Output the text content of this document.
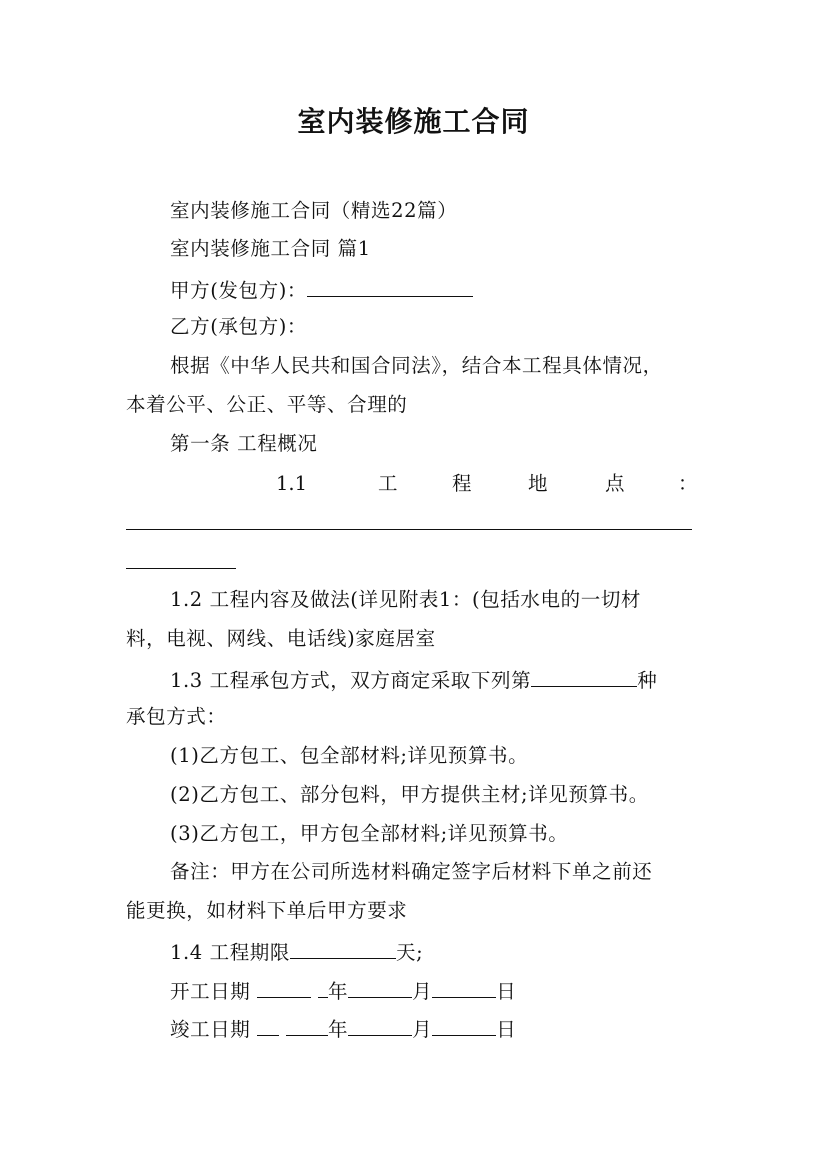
室内装修施工合同

室内装修施工合同（精选22篇）

室内装修施工合同 篇1

甲方(发包方)：

乙方(承包方)：

根据《中华人民共和国合同法》，结合本工程具体情况，

本着公平、公正、平等、合理的

第一条 工程概况

1.1	工	程	地	点	：

1.2 工程内容及做法(详见附表1：(包括水电的一切材

料，电视、网线、电话线)家庭居室

1.3 工程承包方式，双方商定采取下列第	种

承包方式：

(1)乙方包工、包全部材料;详见预算书。

(2)乙方包工、部分包料，甲方提供主材;详见预算书。

(3)乙方包工，甲方包全部材料;详见预算书。

备注：甲方在公司所选材料确定签字后材料下单之前还

能更换，如材料下单后甲方要求

1.4 工程期限	天;

开工日期	年	月	日

竣工日期	年	月	日
